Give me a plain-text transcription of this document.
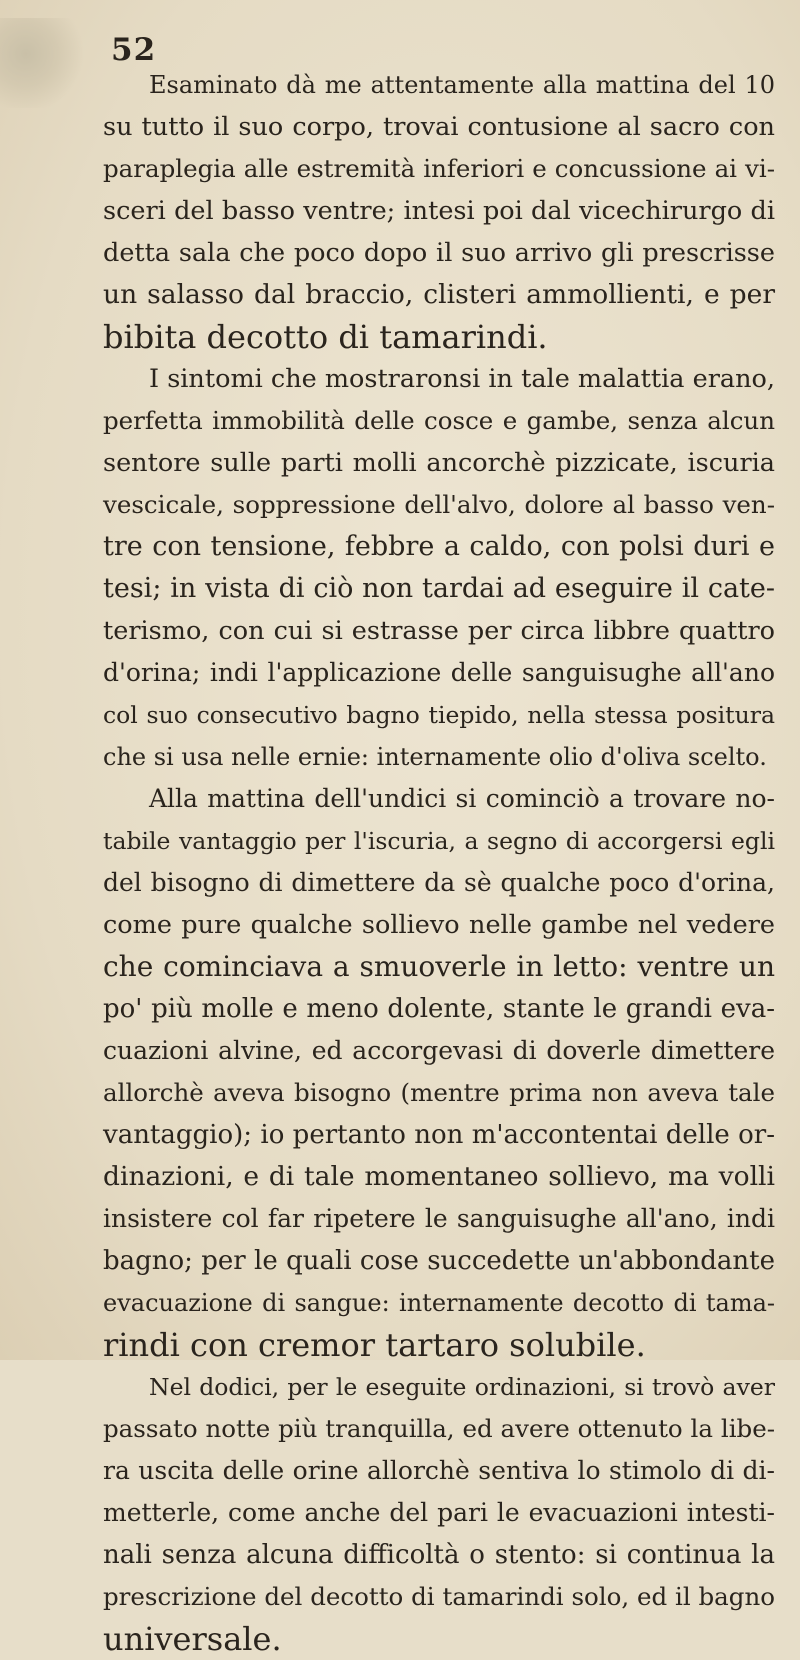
52
Esaminato dà me attentamente alla mattina del 10
su tutto il suo corpo, trovai contusione al sacro con
paraplegia alle estremità inferiori e concussione ai vi-
sceri del basso ventre; intesi poi dal vicechirurgo di
detta sala che poco dopo il suo arrivo gli prescrisse
un salasso dal braccio, clisteri ammollienti, e per
bibita decotto di tamarindi.
I sintomi che mostraronsi in tale malattia erano,
perfetta immobilità delle cosce e gambe, senza alcun
sentore sulle parti molli ancorchè pizzicate, iscuria
vescicale, soppressione dell'alvo, dolore al basso ven-
tre con tensione, febbre a caldo, con polsi duri e
tesi; in vista di ciò non tardai ad eseguire il cate-
terismo, con cui si estrasse per circa libbre quattro
d'orina; indi l'applicazione delle sanguisughe all'ano
col suo consecutivo bagno tiepido, nella stessa positura
che si usa nelle ernie: internamente olio d'oliva scelto.
Alla mattina dell'undici si cominciò a trovare no-
tabile vantaggio per l'iscuria, a segno di accorgersi egli
del bisogno di dimettere da sè qualche poco d'orina,
come pure qualche sollievo nelle gambe nel vedere
che cominciava a smuoverle in letto: ventre un
po' più molle e meno dolente, stante le grandi eva-
cuazioni alvine, ed accorgevasi di doverle dimettere
allorchè aveva bisogno (mentre prima non aveva tale
vantaggio); io pertanto non m'accontentai delle or-
dinazioni, e di tale momentaneo sollievo, ma volli
insistere col far ripetere le sanguisughe all'ano, indi
bagno; per le quali cose succedette un'abbondante
evacuazione di sangue: internamente decotto di tama-
rindi con cremor tartaro solubile.
Nel dodici, per le eseguite ordinazioni, si trovò aver
passato notte più tranquilla, ed avere ottenuto la libe-
ra uscita delle orine allorchè sentiva lo stimolo di di-
metterle, come anche del pari le evacuazioni intesti-
nali senza alcuna difficoltà o stento: si continua la
prescrizione del decotto di tamarindi solo, ed il bagno
universale.
